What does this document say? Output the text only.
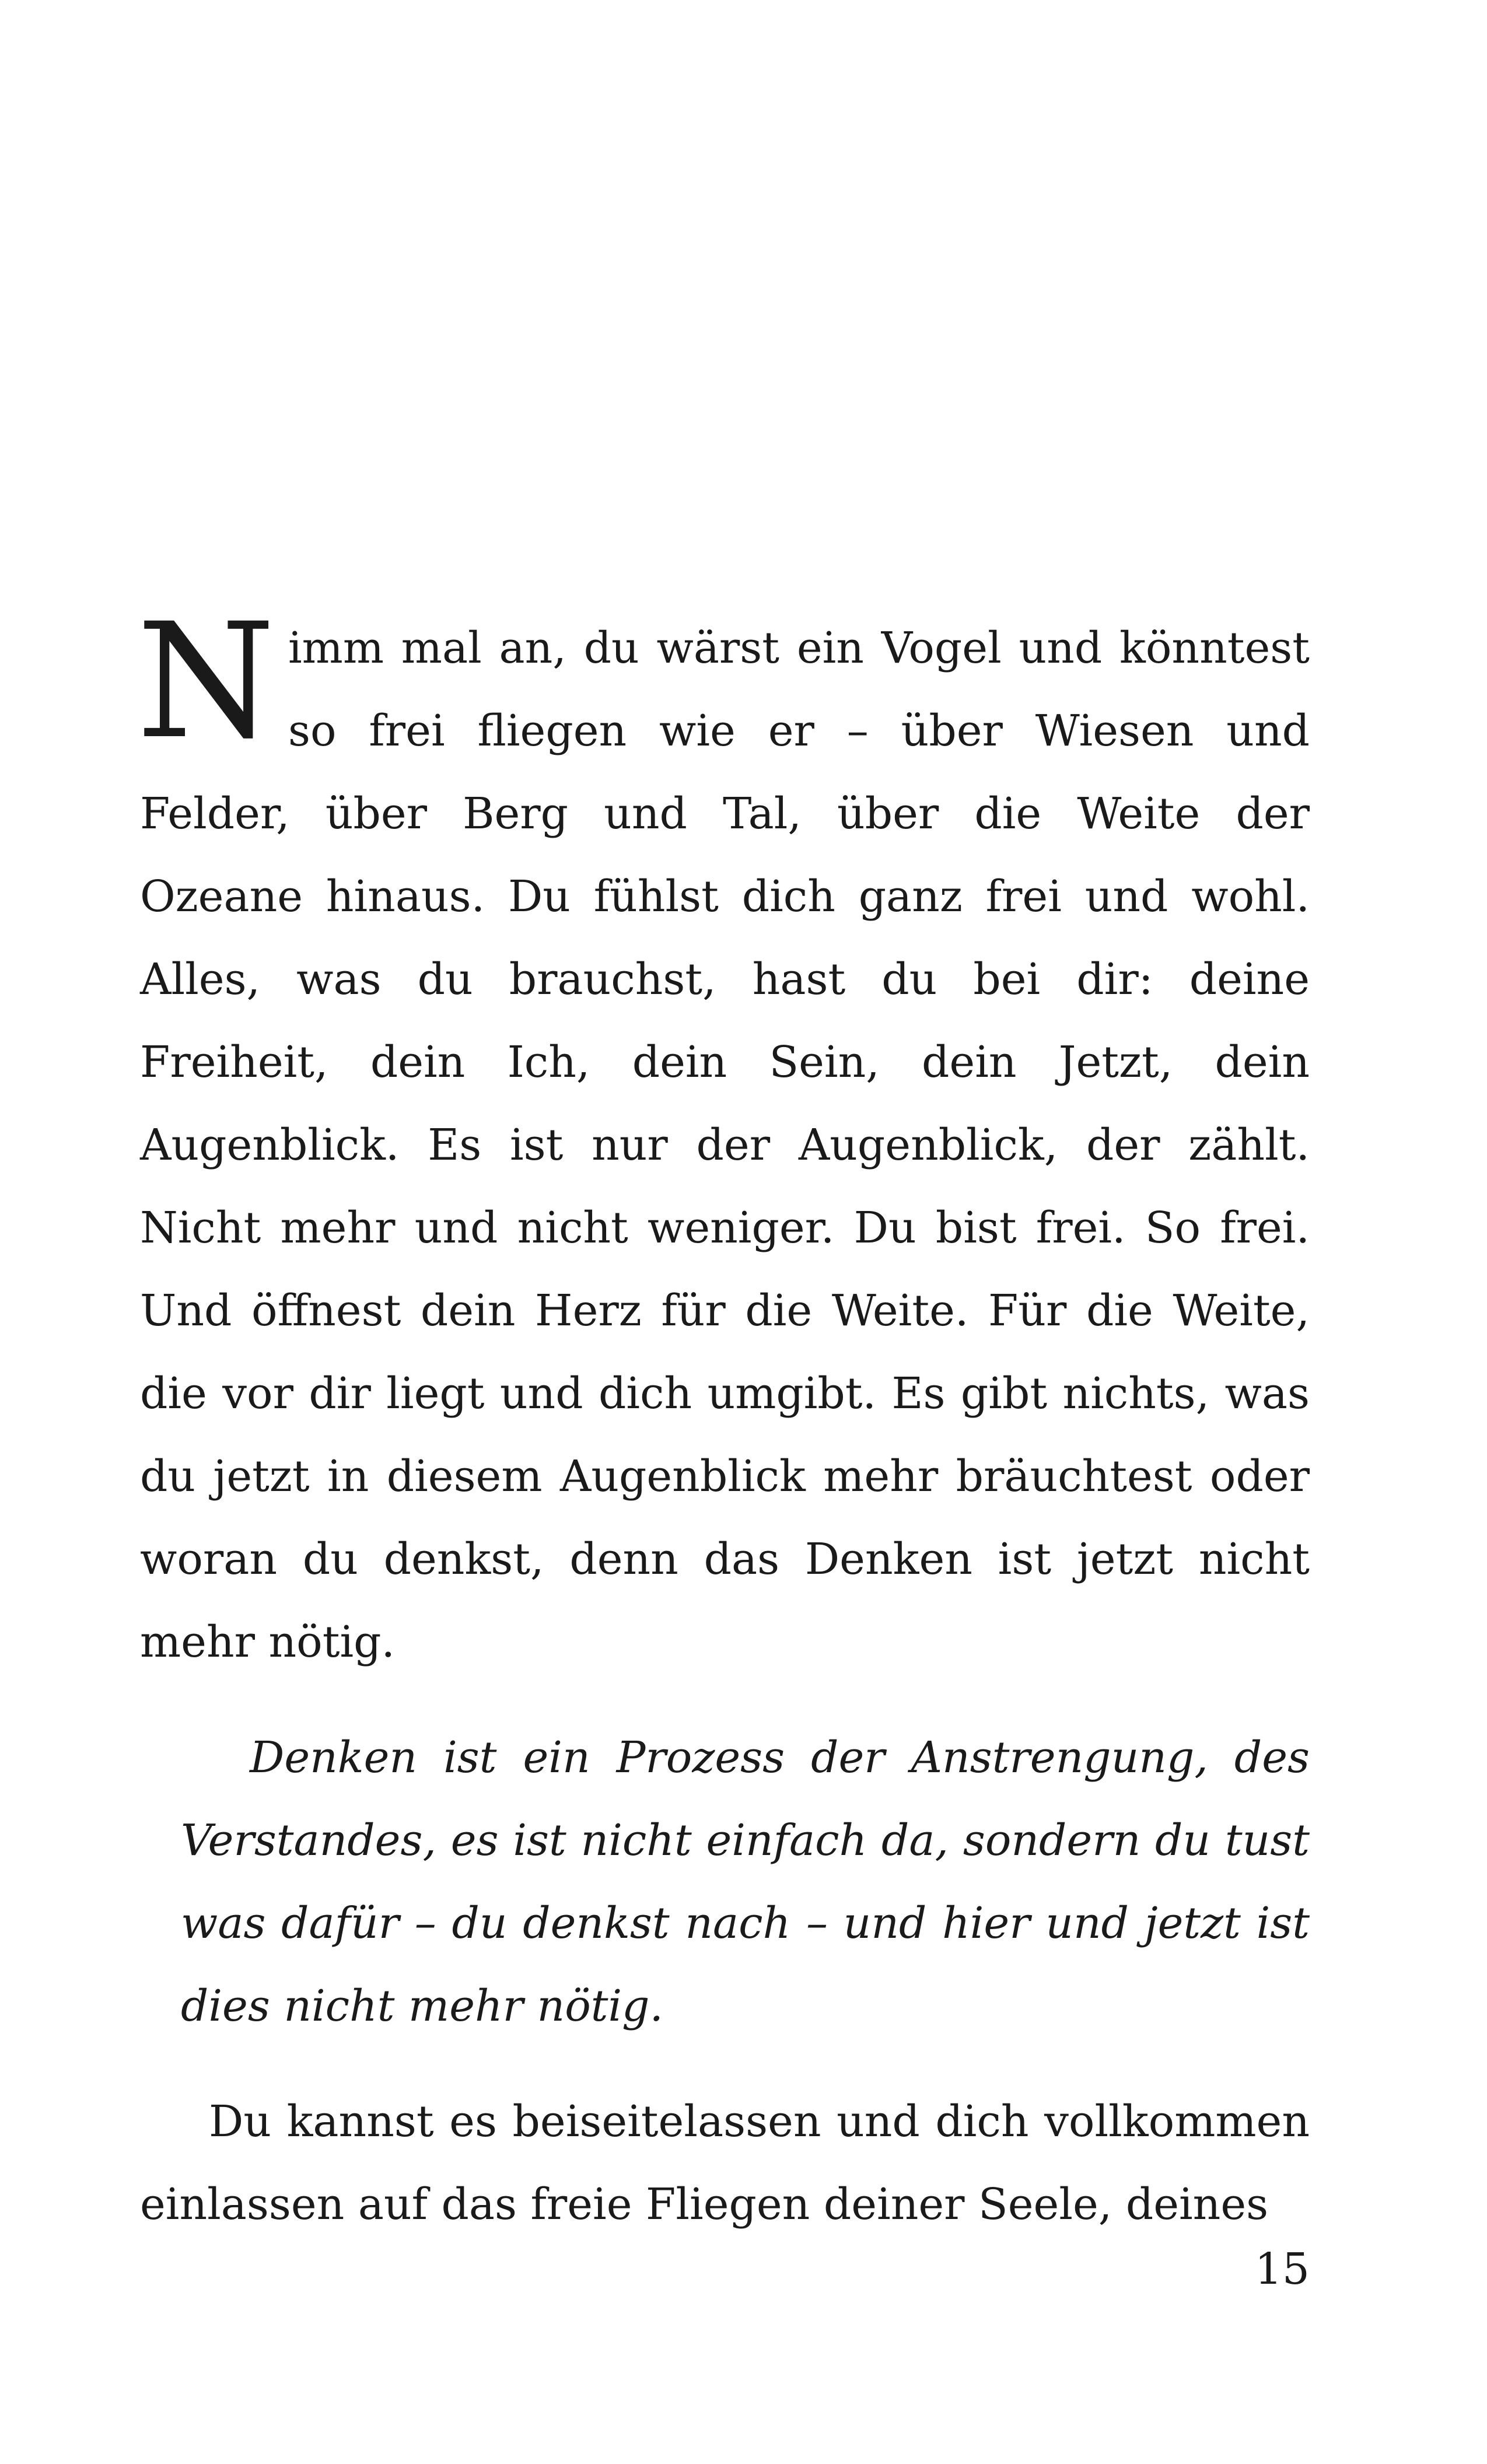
Nimm mal an, du wärst ein Vogel und könntest so frei fliegen wie er – über Wiesen und Felder, über Berg und Tal, über die Weite der Ozeane hinaus. Du fühlst dich ganz frei und wohl. Alles, was du brauchst, hast du bei dir: deine Freiheit, dein Ich, dein Sein, dein Jetzt, dein Augenblick. Es ist nur der Augenblick, der zählt. Nicht mehr und nicht weniger. Du bist frei. So frei. Und öffnest dein Herz für die Weite. Für die Weite, die vor dir liegt und dich umgibt. Es gibt nichts, was du jetzt in diesem Augenblick mehr bräuchtest oder woran du denkst, denn das Denken ist jetzt nicht mehr nötig.

Denken ist ein Prozess der Anstrengung, des Verstandes, es ist nicht einfach da, sondern du tust was dafür – du denkst nach – und hier und jetzt ist dies nicht mehr nötig.

Du kannst es beiseitelassen und dich vollkommen einlassen auf das freie Fliegen deiner Seele, deines

15
